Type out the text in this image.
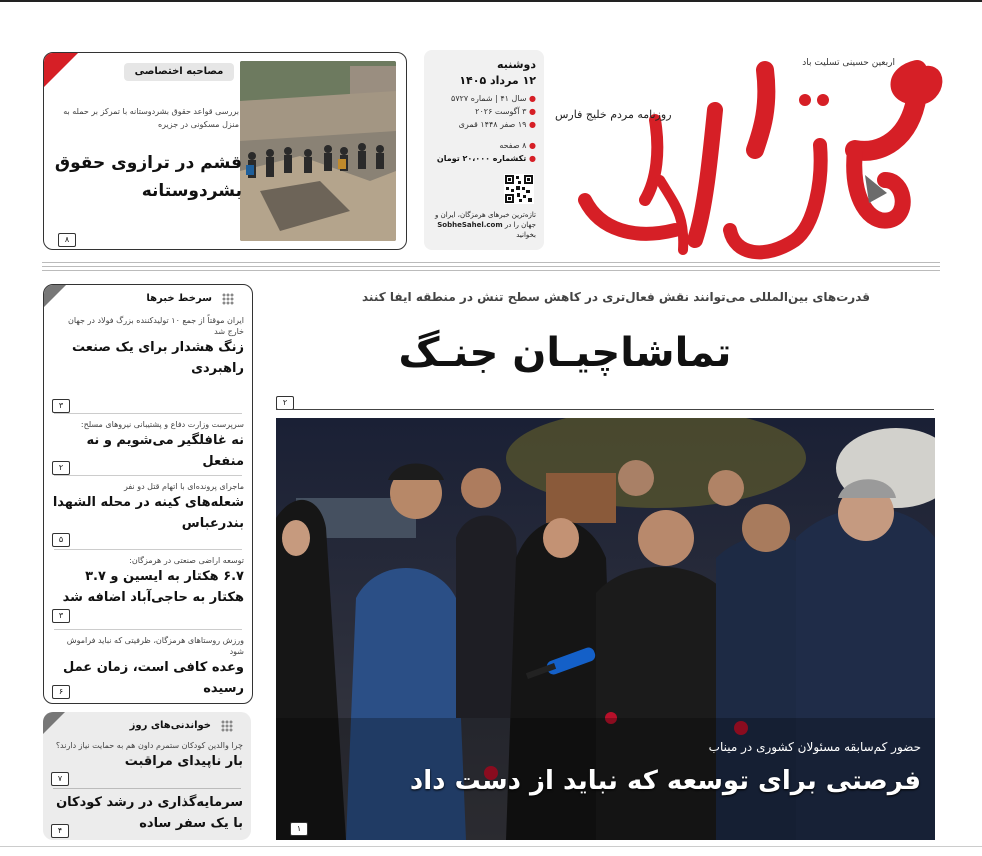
اربعین حسینی تسلیت باد
روزنامه مردم خلیج فارس
دوشنبه
۱۲ مرداد ۱۴۰۵
● سال ۴۱ | شماره ۵۷۲۷
● ۳ آگوست ۲۰۲۶
● ۱۹ صفر ۱۴۴۸ قمری
● ۸ صفحه
● تکشماره ۲۰،۰۰۰ تومان
تازه‌ترین خبرهای هرمزگان، ایران و جهان را در SobheSahel.com بخوانید
مصاحبه اختصاصی
بررسی قواعد حقوق بشردوستانه با تمرکز بر حمله به منزل مسکونی در جزیره
قشم در ترازوی حقوق بشردوستانه
۸
قدرت‌های بین‌المللی می‌توانند نقش فعال‌تری در کاهش سطح تنش در منطقه ایفا کنند
تماشاچیـان جنـگ
۲
سرخط خبرها
ایران موقتاً از جمع ۱۰ تولیدکننده بزرگ فولاد در جهان خارج شد
زنگ هشدار برای یک صنعت راهبردی
۳
سرپرست وزارت دفاع و پشتیبانی نیروهای مسلح:
نه غافلگیر می‌شویم و نه منفعل
۲
ماجرای پرونده‌ای با اتهام قتل دو نفر
شعله‌های کینه در محله الشهدا بندرعباس
۵
توسعه اراضی صنعتی در هرمزگان:
۶.۷ هکتار به ایسین و ۳.۷ هکتار به حاجی‌آباد اضافه شد
۳
ورزش روستاهای هرمزگان، ظرفیتی که نباید فراموش شود
وعده کافی است، زمان عمل رسیده
۶
خواندنی‌های روز
چرا والدین کودکان ستمرم داون هم به حمایت نیاز دارند؟
بار ناپیدای مراقبت
۷
سرمایه‌گذاری در رشد کودکان با یک سفر ساده
۴
حضور کم‌سابقه مسئولان کشوری در میناب
فرصتی برای توسعه که نباید از دست داد
۱
